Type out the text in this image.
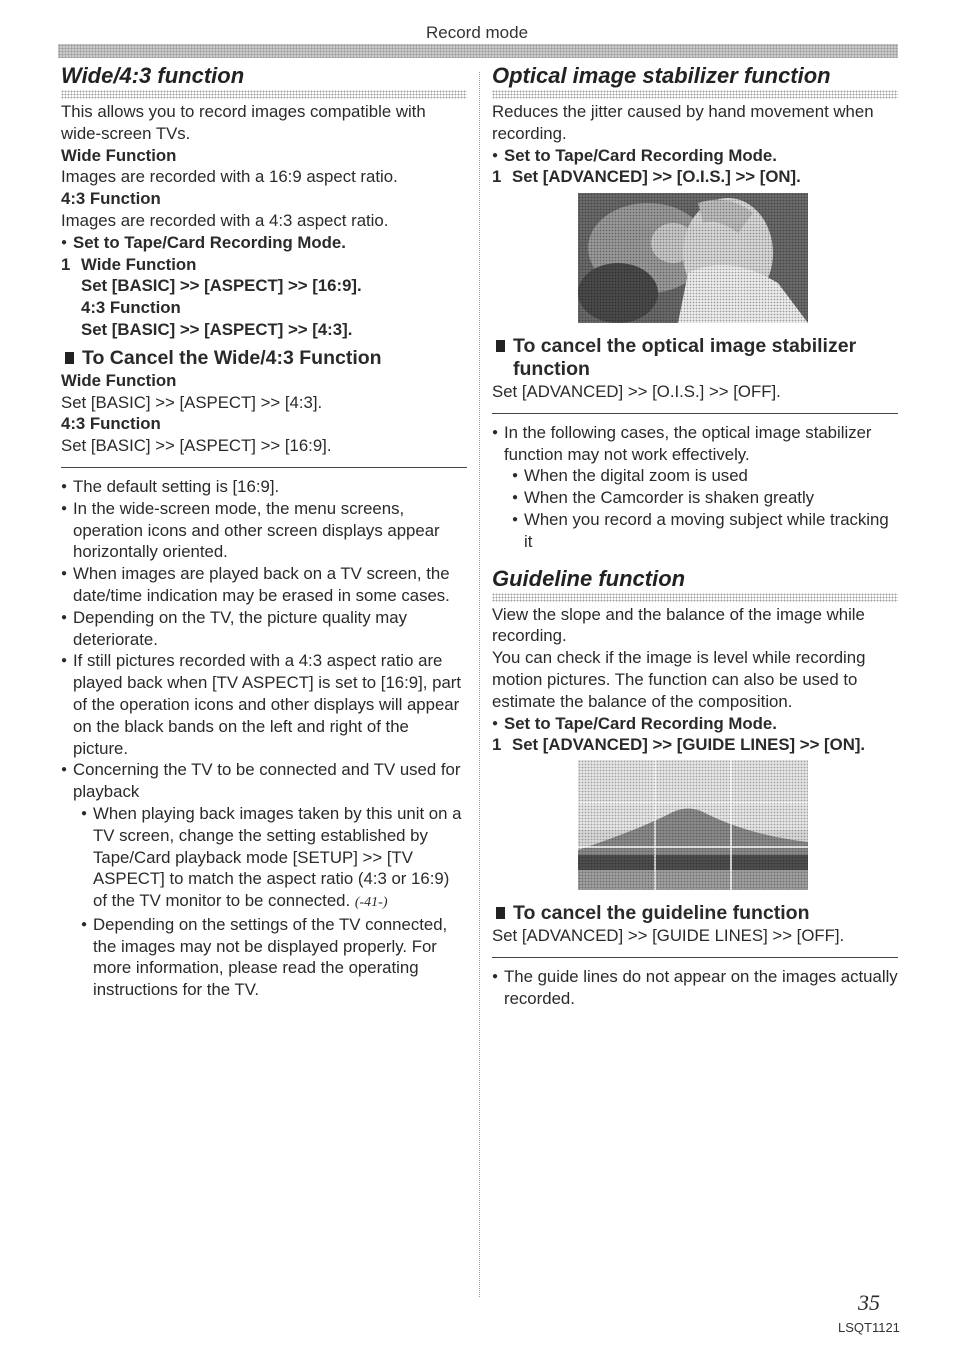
Record mode
Wide/4:3 function

This allows you to record images compatible with wide-screen TVs.

Wide Function

Images are recorded with a 16:9 aspect ratio.

4:3 Function

Images are recorded with a 4:3 aspect ratio.

● Set to Tape/Card Recording Mode.

1 Wide Function

Set [BASIC] >> [ASPECT] >> [16:9].

4:3 Function

Set [BASIC] >> [ASPECT] >> [4:3].

To Cancel the Wide/4:3 Function

Wide Function

Set [BASIC] >> [ASPECT] >> [4:3].

4:3 Function

Set [BASIC] >> [ASPECT] >> [16:9].

● The default setting is [16:9].
● In the wide-screen mode, the menu screens, operation icons and other screen displays appear horizontally oriented.
● When images are played back on a TV screen, the date/time indication may be erased in some cases.
● Depending on the TV, the picture quality may deteriorate.
● If still pictures recorded with a 4:3 aspect ratio are played back when [TV ASPECT] is set to [16:9], part of the operation icons and other displays will appear on the black bands on the left and right of the picture.
● Concerning the TV to be connected and TV used for playback
● When playing back images taken by this unit on a TV screen, change the setting established by Tape/Card playback mode [SETUP] >> [TV ASPECT] to match the aspect ratio (4:3 or 16:9) of the TV monitor to be connected. (-41-)
● Depending on the settings of the TV connected, the images may not be displayed properly. For more information, please read the operating instructions for the TV.
Optical image stabilizer function

Reduces the jitter caused by hand movement when recording.

● Set to Tape/Card Recording Mode.

1 Set [ADVANCED] >> [O.I.S.] >> [ON].
To cancel the optical image stabilizer function

Set [ADVANCED] >> [O.I.S.] >> [OFF].

● In the following cases, the optical image stabilizer function may not work effectively.
● When the digital zoom is used
● When the Camcorder is shaken greatly
● When you record a moving subject while tracking it
Guideline function

View the slope and the balance of the image while recording.

You can check if the image is level while recording motion pictures. The function can also be used to estimate the balance of the composition.

● Set to Tape/Card Recording Mode.

1 Set [ADVANCED] >> [GUIDE LINES] >> [ON].
To cancel the guideline function

Set [ADVANCED] >> [GUIDE LINES] >> [OFF].

● The guide lines do not appear on the images actually recorded.
35
LSQT1121
